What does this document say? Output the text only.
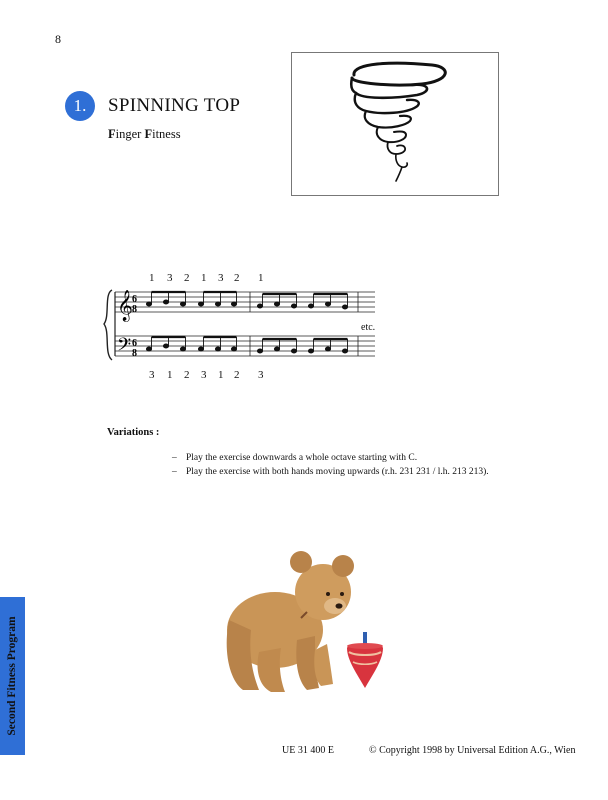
8
1.	SPINNING TOP
Finger Fitness
1 3 2 1 3 2 1
3 1 2 3 1 2 3
𝄞
𝄢
6
8
6
8
etc.
Variations :
– Play the exercise downwards a whole octave starting with C.
– Play the exercise with both hands moving upwards (r.h. 231 231 / l.h. 213 213).
Second Fitness Program
UE 31 400 E	© Copyright 1998 by Universal Edition A.G., Wien
